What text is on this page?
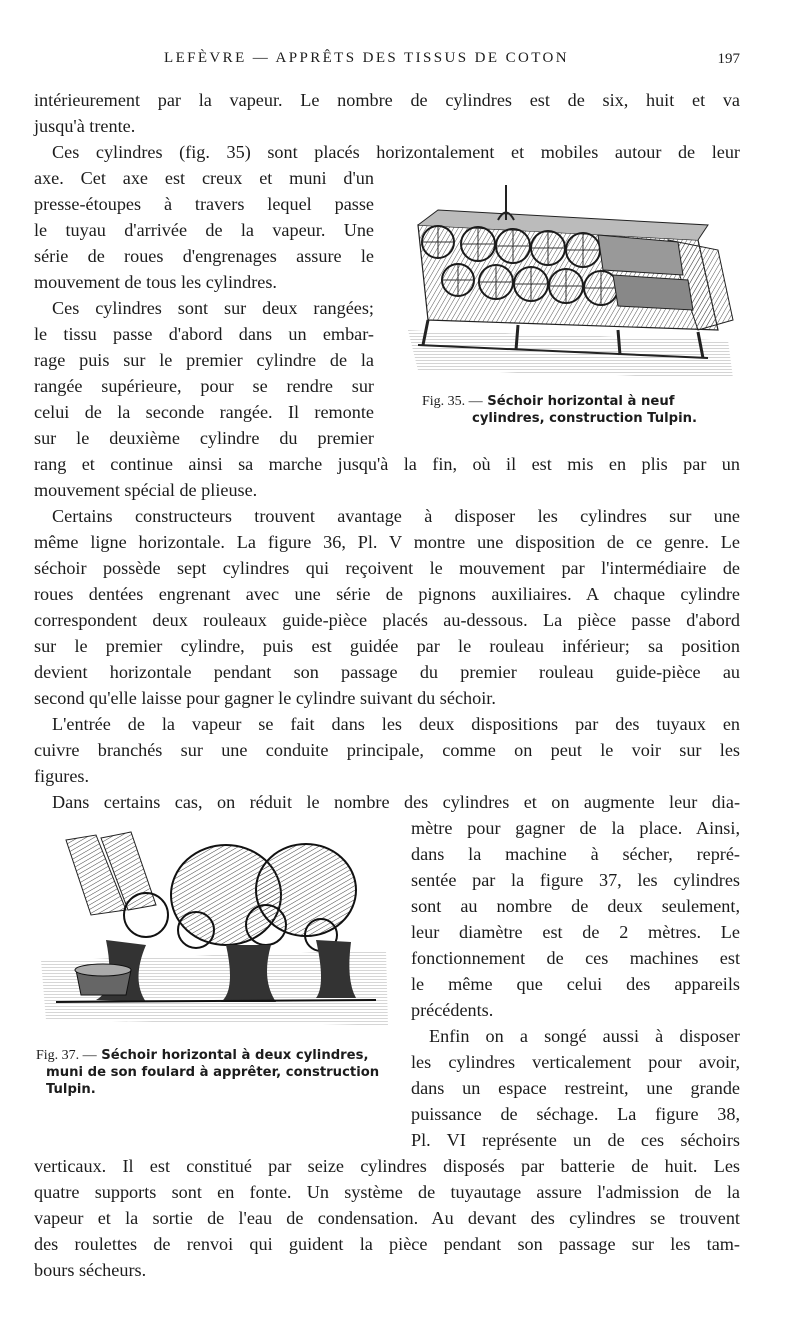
LEFÈVRE — APPRÊTS DES TISSUS DE COTON	197
intérieurement par la vapeur. Le nombre de cylindres est de six, huit et va
jusqu'à trente.
Ces cylindres (fig. 35) sont placés horizontalement et mobiles autour de leur
axe. Cet axe est creux et muni d'un
presse-étoupes à travers lequel passe
le tuyau d'arrivée de la vapeur. Une
série de roues d'engrenages assure le
mouvement de tous les cylindres.
Ces cylindres sont sur deux rangées;
le tissu passe d'abord dans un embar-
rage puis sur le premier cylindre de la
rangée supérieure, pour se rendre sur
celui de la seconde rangée. Il remonte
sur le deuxième cylindre du premier
rang et continue ainsi sa marche jusqu'à la fin, où il est mis en plis par un
mouvement spécial de plieuse.
Certains constructeurs trouvent avantage à disposer les cylindres sur une
même ligne horizontale. La figure 36, Pl. V montre une disposition de ce genre. Le
séchoir possède sept cylindres qui reçoivent le mouvement par l'intermédiaire de
roues dentées engrenant avec une série de pignons auxiliaires. A chaque cylindre
correspondent deux rouleaux guide-pièce placés au-dessous. La pièce passe d'abord
sur le premier cylindre, puis est guidée par le rouleau inférieur; sa position
devient horizontale pendant son passage du premier rouleau guide-pièce au
second qu'elle laisse pour gagner le cylindre suivant du séchoir.
L'entrée de la vapeur se fait dans les deux dispositions par des tuyaux en
cuivre branchés sur une conduite principale, comme on peut le voir sur les
figures.
Dans certains cas, on réduit le nombre des cylindres et on augmente leur dia-
mètre pour gagner de la place. Ainsi,
dans la machine à sécher, repré-
sentée par la figure 37, les cylindres
sont au nombre de deux seulement,
leur diamètre est de 2 mètres. Le
fonctionnement de ces machines est
le même que celui des appareils
précédents.
Enfin on a songé aussi à disposer
les cylindres verticalement pour avoir,
dans un espace restreint, une grande
puissance de séchage. La figure 38,
Pl. VI représente un de ces séchoirs
verticaux. Il est constitué par seize cylindres disposés par batterie de huit. Les
quatre supports sont en fonte. Un système de tuyautage assure l'admission de la
vapeur et la sortie de l'eau de condensation. Au devant des cylindres se trouvent
des roulettes de renvoi qui guident la pièce pendant son passage sur les tam-
bours sécheurs.
Fig. 35. — Séchoir horizontal à neuf
cylindres, construction Tulpin.
Fig. 37. — Séchoir horizontal à deux cylindres,
muni de son foulard à apprêter, construction
Tulpin.
